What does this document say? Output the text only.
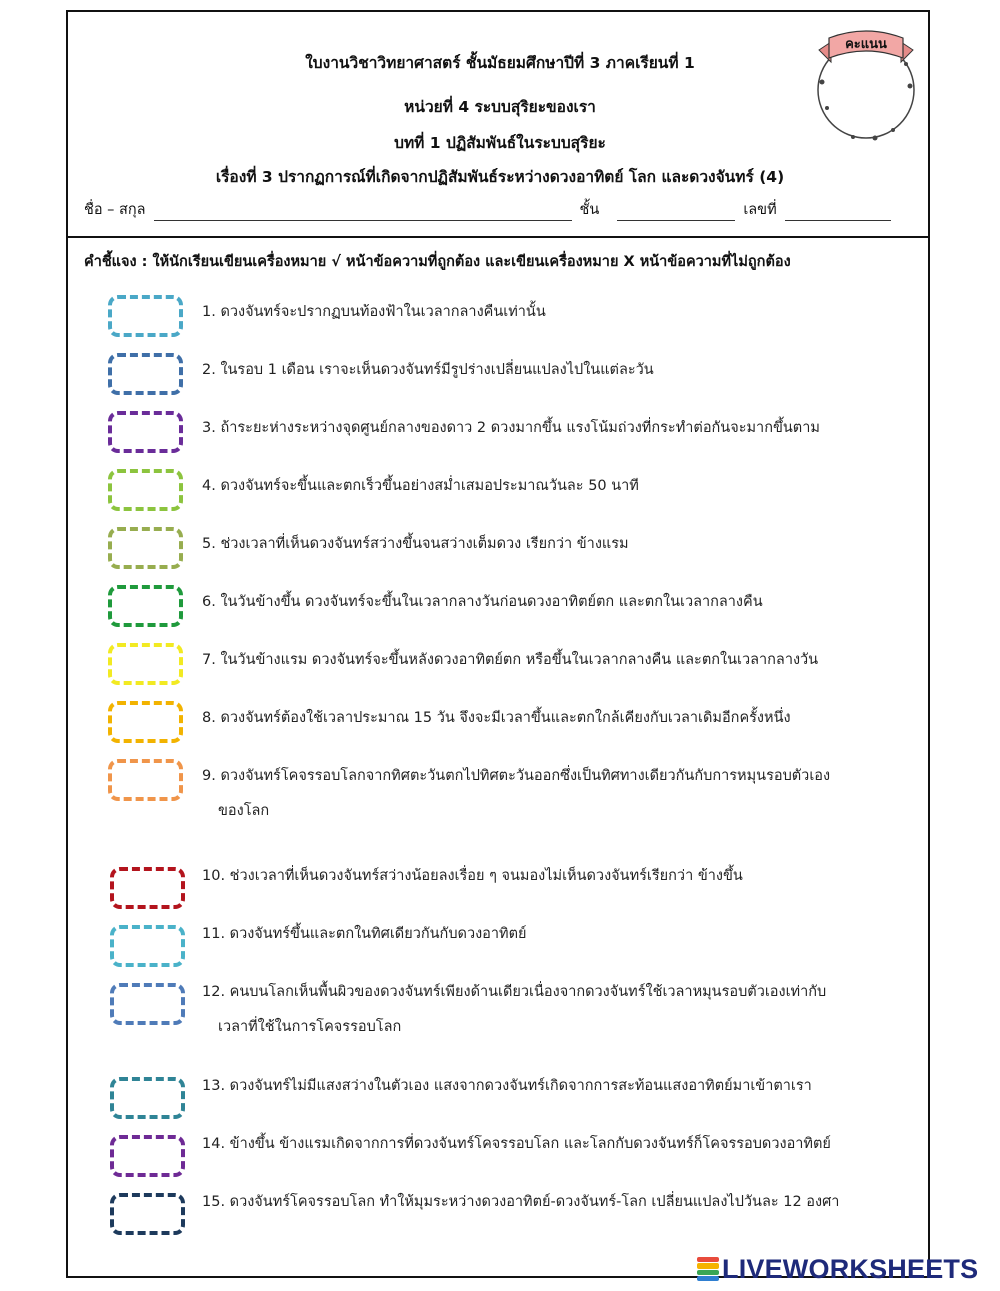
ใบงานวิชาวิทยาศาสตร์ ชั้นมัธยมศึกษาปีที่ 3 ภาคเรียนที่ 1
หน่วยที่ 4 ระบบสุริยะของเรา
บทที่ 1 ปฏิสัมพันธ์ในระบบสุริยะ
เรื่องที่ 3 ปรากฏการณ์ที่เกิดจากปฏิสัมพันธ์ระหว่างดวงอาทิตย์ โลก และดวงจันทร์ (4)
คะแนน
ชื่อ – สกุล	ชั้น	เลขที่
คำชี้แจง : ให้นักเรียนเขียนเครื่องหมาย √ หน้าข้อความที่ถูกต้อง และเขียนเครื่องหมาย X หน้าข้อความที่ไม่ถูกต้อง
1. ดวงจันทร์จะปรากฏบนท้องฟ้าในเวลากลางคืนเท่านั้น
2. ในรอบ 1 เดือน เราจะเห็นดวงจันทร์มีรูปร่างเปลี่ยนแปลงไปในแต่ละวัน
3. ถ้าระยะห่างระหว่างจุดศูนย์กลางของดาว 2 ดวงมากขึ้น แรงโน้มถ่วงที่กระทำต่อกันจะมากขึ้นตาม
4. ดวงจันทร์จะขึ้นและตกเร็วขึ้นอย่างสม่ำเสมอประมาณวันละ 50 นาที
5. ช่วงเวลาที่เห็นดวงจันทร์สว่างขึ้นจนสว่างเต็มดวง เรียกว่า ข้างแรม
6. ในวันข้างขึ้น ดวงจันทร์จะขึ้นในเวลากลางวันก่อนดวงอาทิตย์ตก และตกในเวลากลางคืน
7. ในวันข้างแรม ดวงจันทร์จะขึ้นหลังดวงอาทิตย์ตก หรือขึ้นในเวลากลางคืน และตกในเวลากลางวัน
8. ดวงจันทร์ต้องใช้เวลาประมาณ 15 วัน จึงจะมีเวลาขึ้นและตกใกล้เคียงกับเวลาเดิมอีกครั้งหนึ่ง
9. ดวงจันทร์โคจรรอบโลกจากทิศตะวันตกไปทิศตะวันออกซึ่งเป็นทิศทางเดียวกันกับการหมุนรอบตัวเอง
ของโลก
10. ช่วงเวลาที่เห็นดวงจันทร์สว่างน้อยลงเรื่อย ๆ จนมองไม่เห็นดวงจันทร์เรียกว่า ข้างขึ้น
11. ดวงจันทร์ขึ้นและตกในทิศเดียวกันกับดวงอาทิตย์
12. คนบนโลกเห็นพื้นผิวของดวงจันทร์เพียงด้านเดียวเนื่องจากดวงจันทร์ใช้เวลาหมุนรอบตัวเองเท่ากับ
เวลาที่ใช้ในการโคจรรอบโลก
13. ดวงจันทร์ไม่มีแสงสว่างในตัวเอง แสงจากดวงจันทร์เกิดจากการสะท้อนแสงอาทิตย์มาเข้าตาเรา
14. ข้างขึ้น ข้างแรมเกิดจากการที่ดวงจันทร์โคจรรอบโลก และโลกกับดวงจันทร์ก็โคจรรอบดวงอาทิตย์
15. ดวงจันทร์โคจรรอบโลก ทำให้มุมระหว่างดวงอาทิตย์-ดวงจันทร์-โลก เปลี่ยนแปลงไปวันละ 12 องศา
LIVEWORKSHEETS
